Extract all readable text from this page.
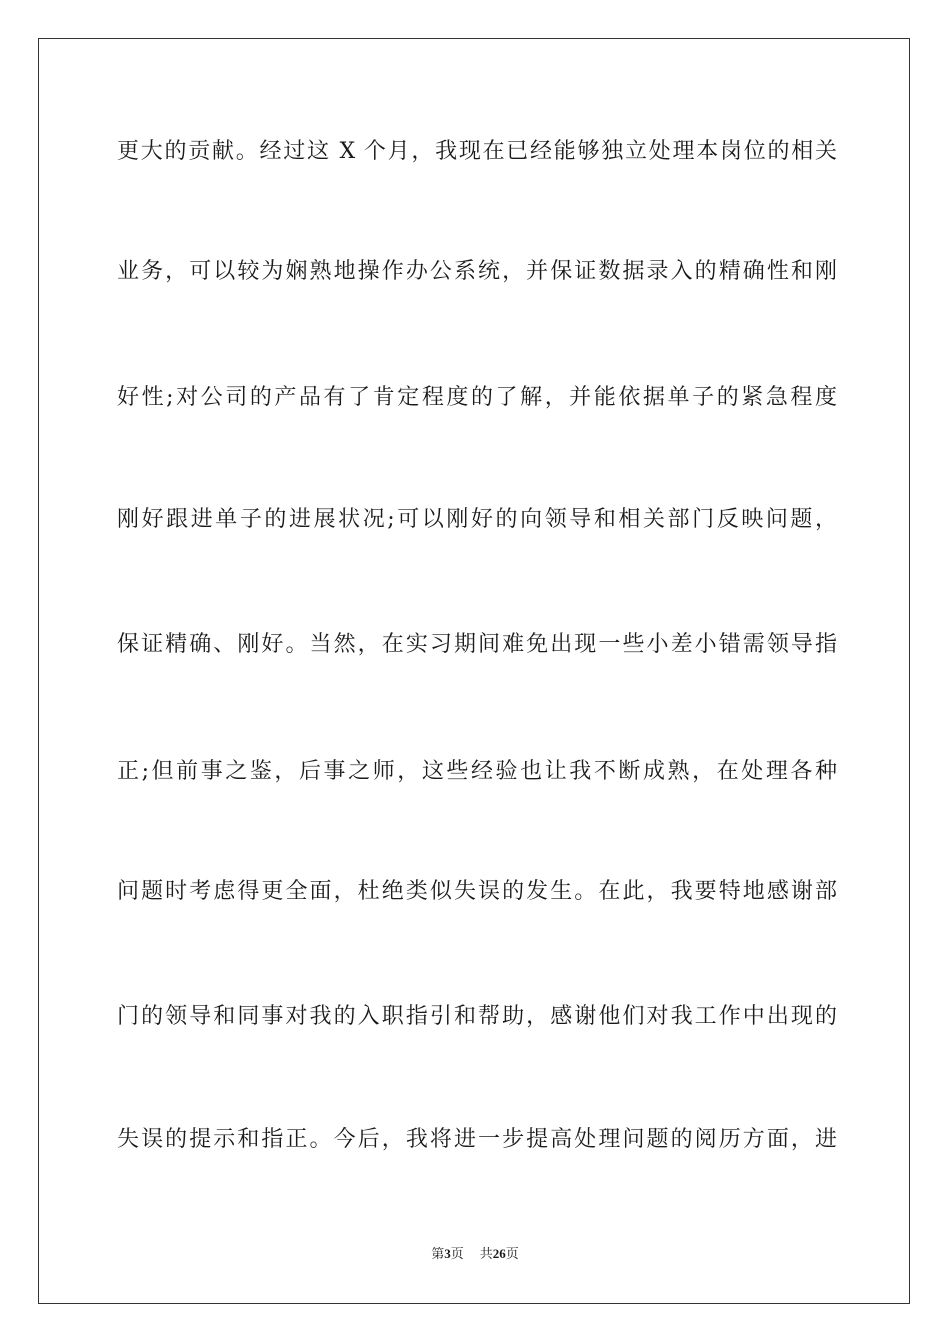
更大的贡献。经过这 X 个月，我现在已经能够独立处理本岗位的相关
业务，可以较为娴熟地操作办公系统，并保证数据录入的精确性和刚
好性;对公司的产品有了肯定程度的了解，并能依据单子的紧急程度
刚好跟进单子的进展状况;可以刚好的向领导和相关部门反映问题，
保证精确、刚好。当然，在实习期间难免出现一些小差小错需领导指
正;但前事之鉴，后事之师，这些经验也让我不断成熟，在处理各种
问题时考虑得更全面，杜绝类似失误的发生。在此，我要特地感谢部
门的领导和同事对我的入职指引和帮助，感谢他们对我工作中出现的
失误的提示和指正。今后，我将进一步提高处理问题的阅历方面，进
第3页 共26页
